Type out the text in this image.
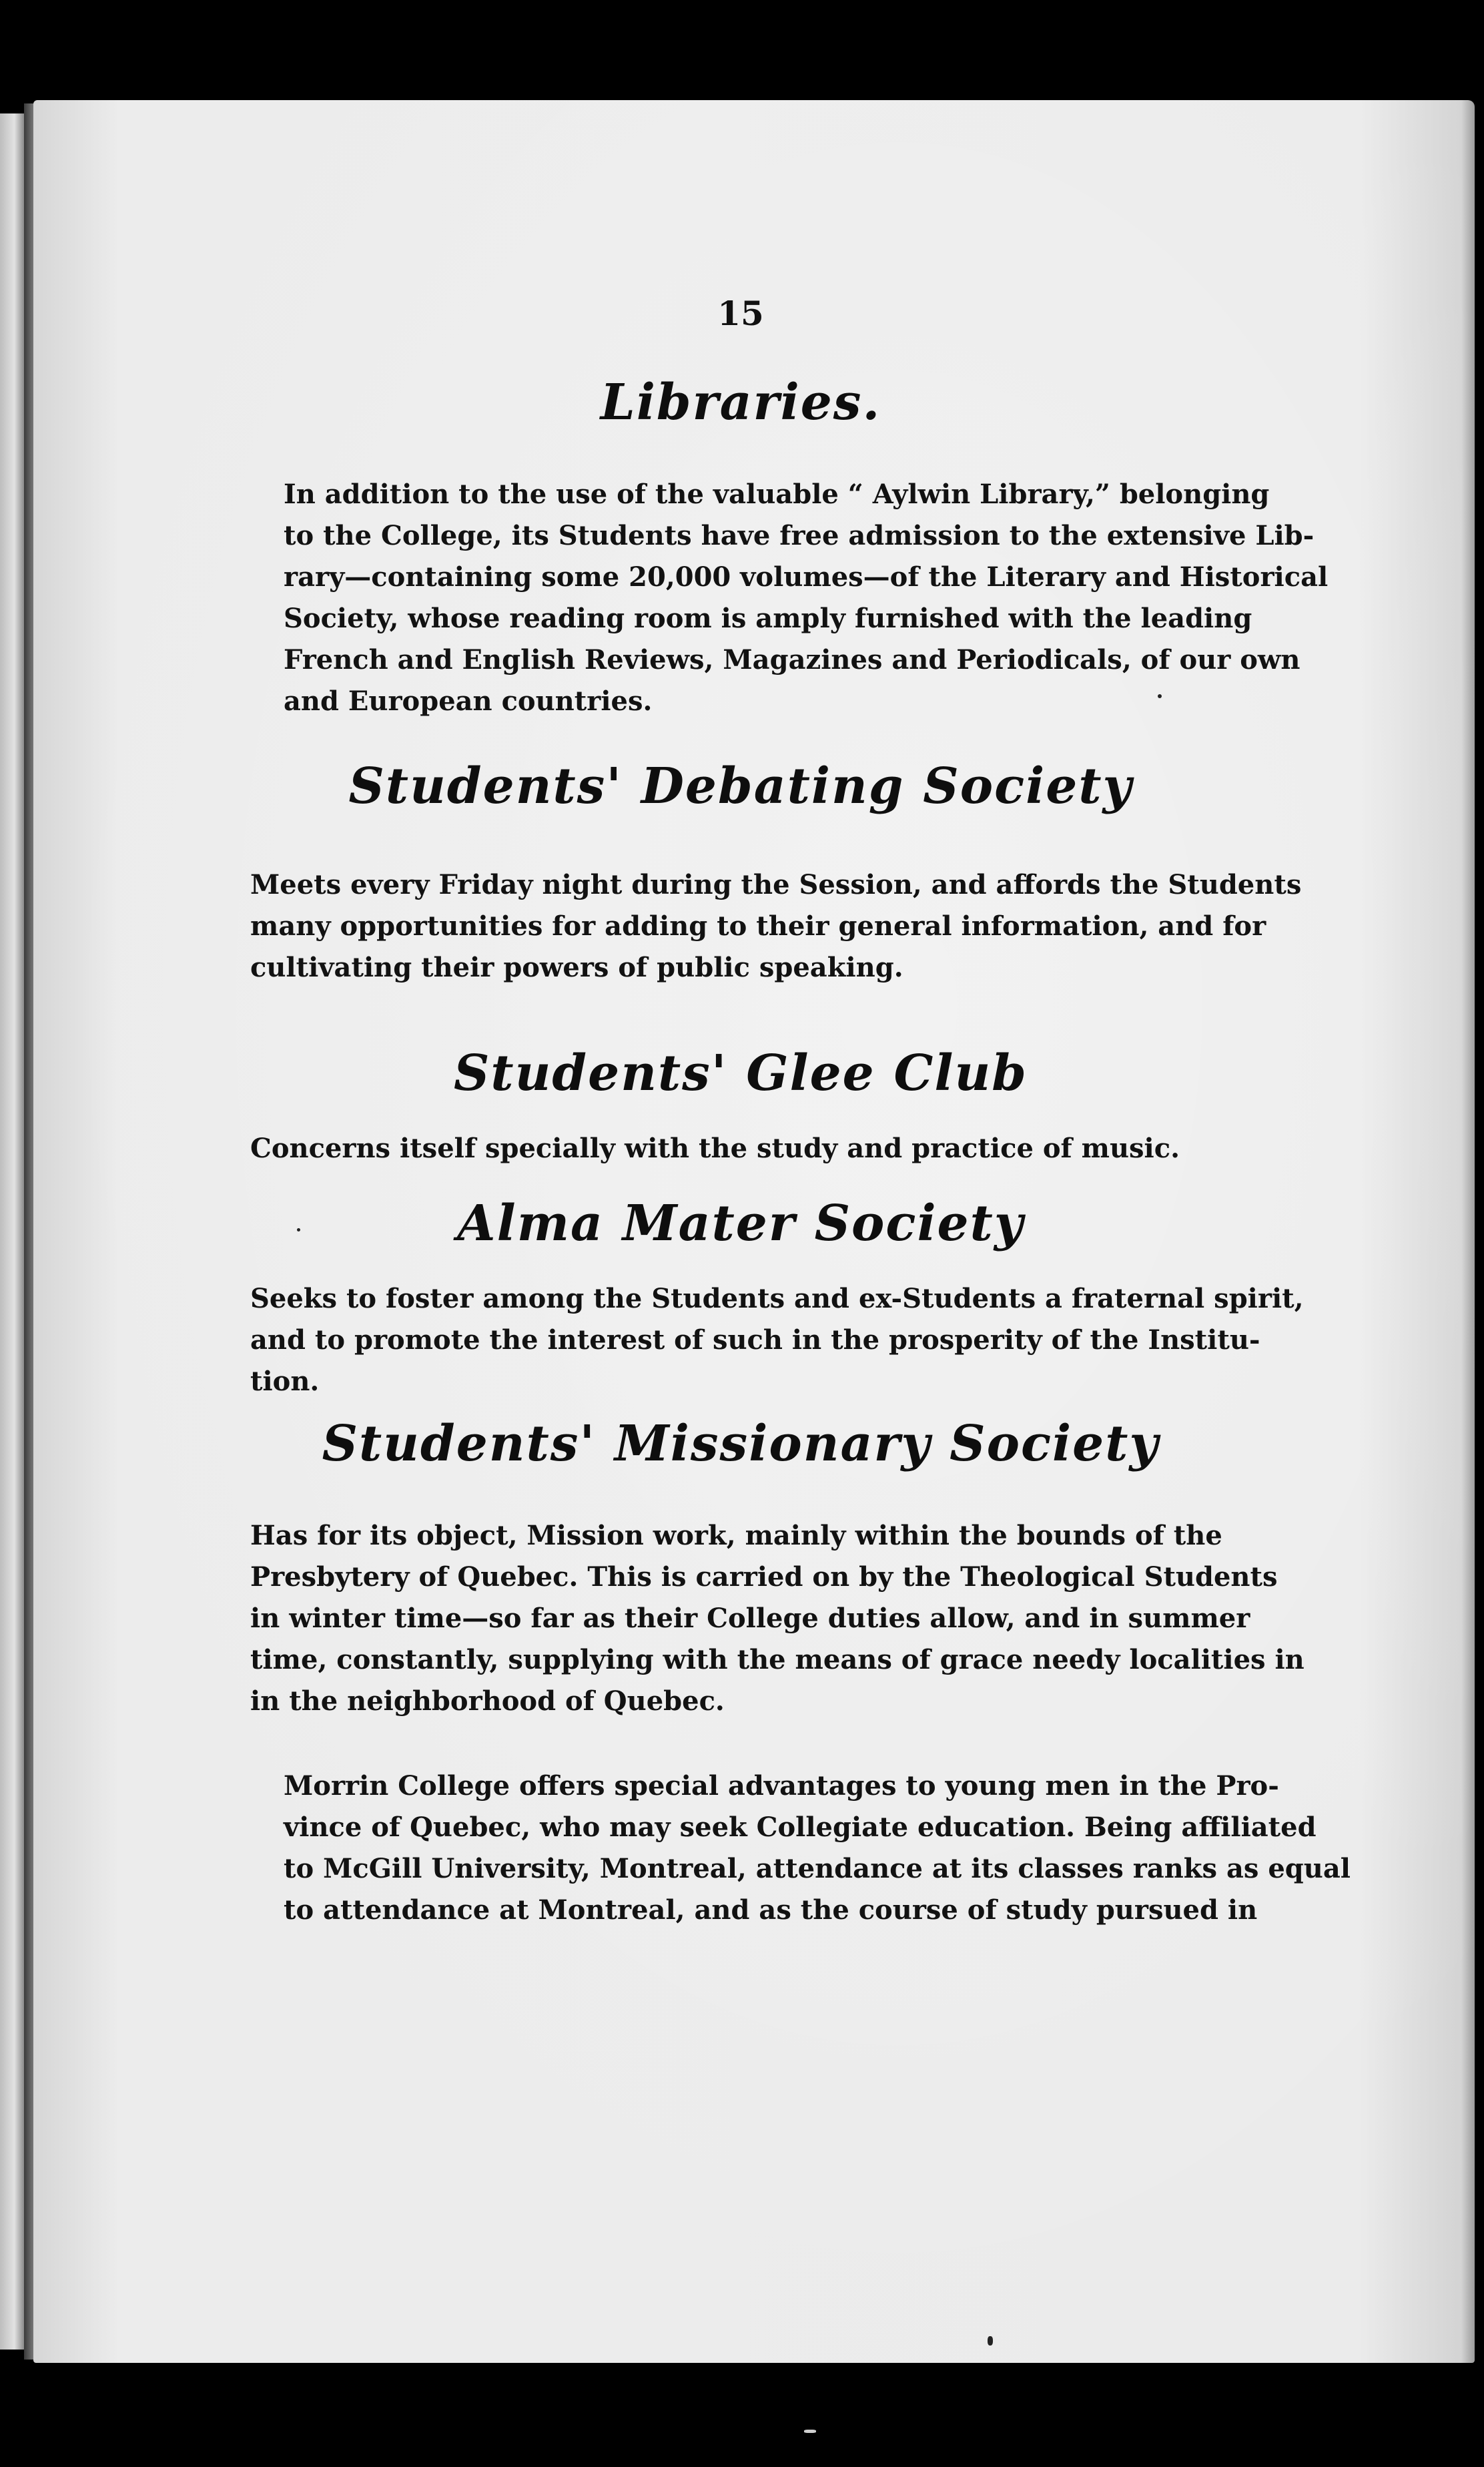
15
Libraries.
In addition to the use of the valuable “ Aylwin Library,” belonging
to the College, its Students have free admission to the extensive Lib-
rary—containing some 20,000 volumes—of the Literary and Historical
Society, whose reading room is amply furnished with the leading
French and English Reviews, Magazines and Periodicals, of our own
and European countries.
Students' Debating Society
Meets every Friday night during the Session, and affords the Students
many opportunities for adding to their general information, and for
cultivating their powers of public speaking.
Students' Glee Club
Concerns itself specially with the study and practice of music.
Alma Mater Society
Seeks to foster among the Students and ex-Students a fraternal spirit,
and to promote the interest of such in the prosperity of the Institu-
tion.
Students' Missionary Society
Has for its object, Mission work, mainly within the bounds of the
Presbytery of Quebec. This is carried on by the Theological Students
in winter time—so far as their College duties allow, and in summer
time, constantly, supplying with the means of grace needy localities in
in the neighborhood of Quebec.
Morrin College offers special advantages to young men in the Pro-
vince of Quebec, who may seek Collegiate education. Being affiliated
to McGill University, Montreal, attendance at its classes ranks as equal
to attendance at Montreal, and as the course of study pursued in
